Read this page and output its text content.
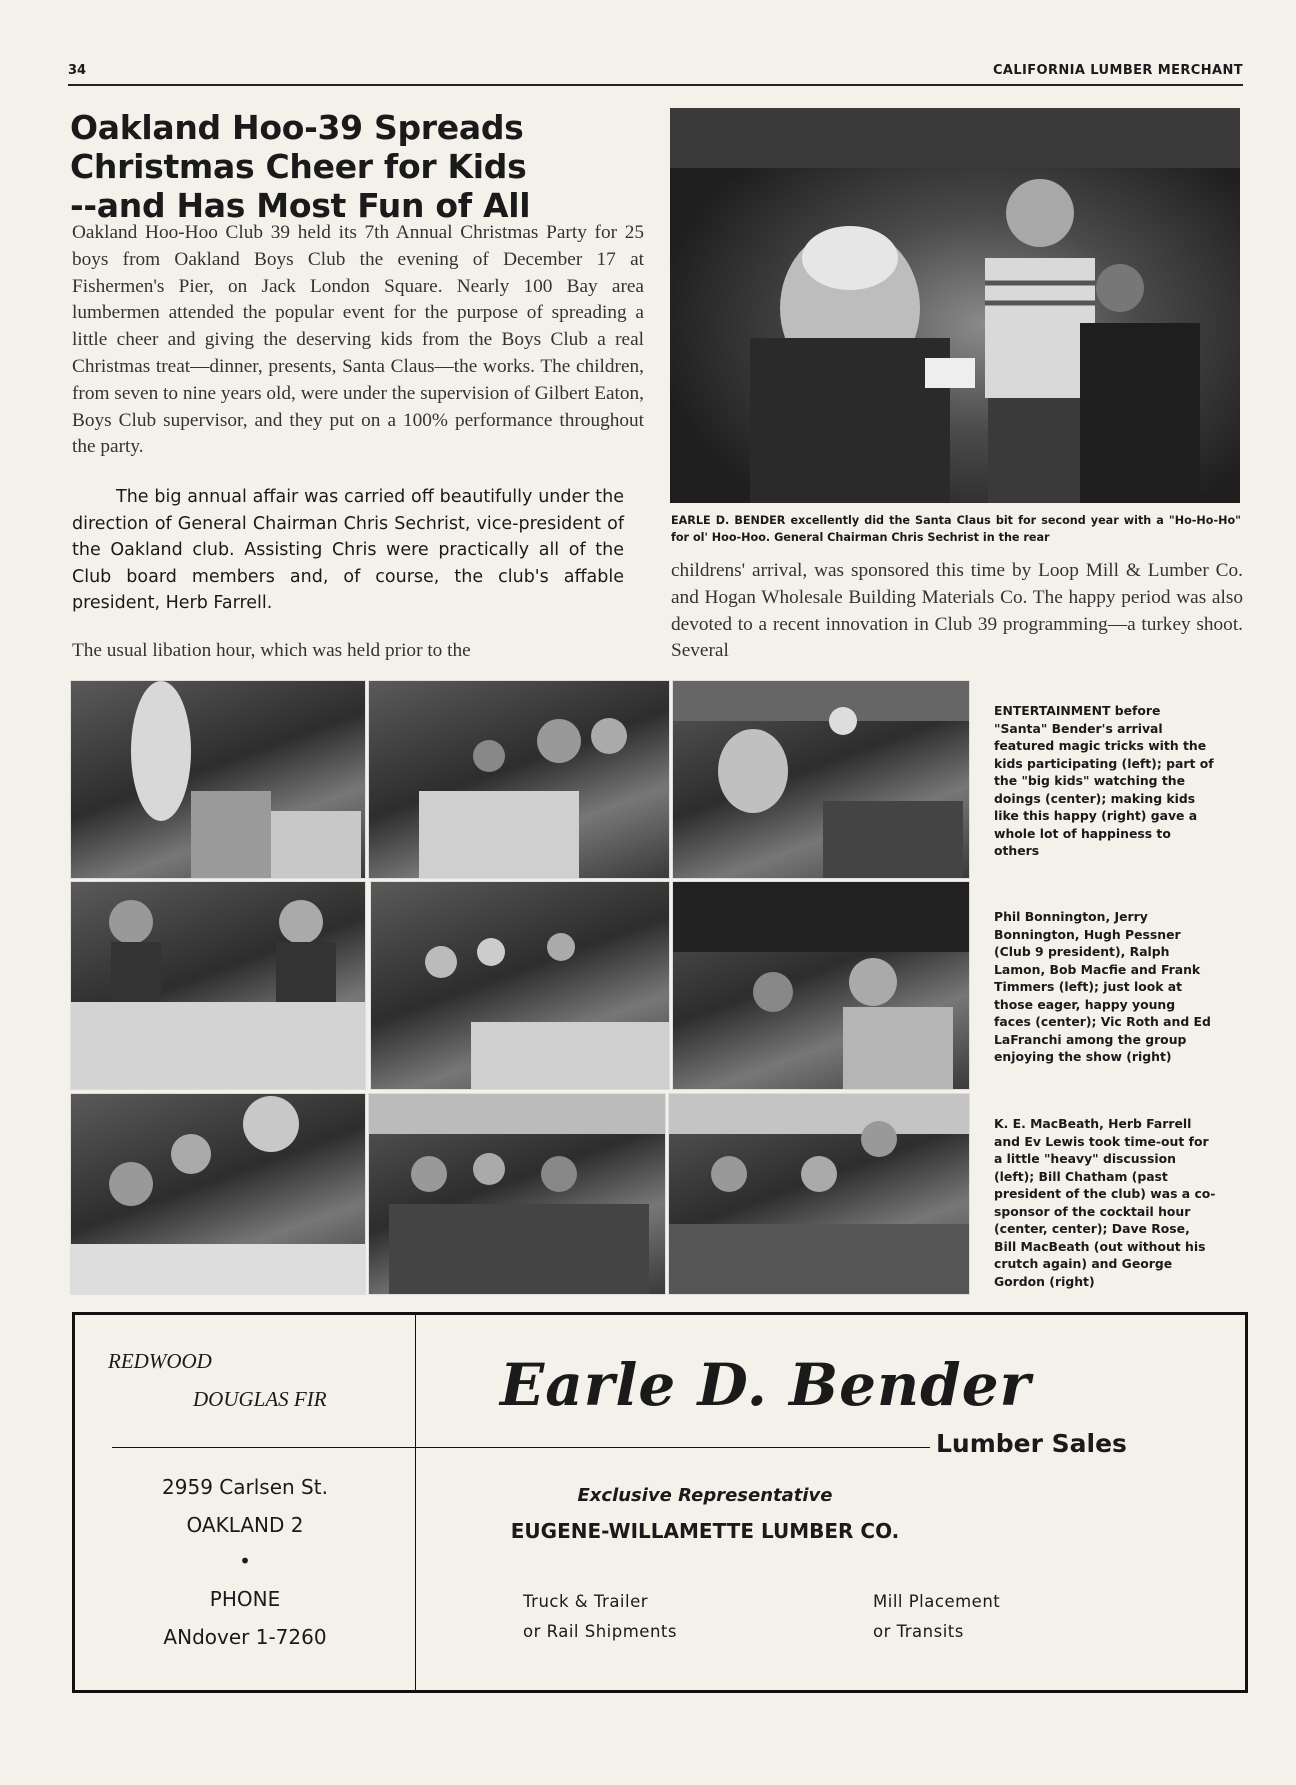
34	CALIFORNIA LUMBER MERCHANT
Oakland Hoo-39 Spreads
Christmas Cheer for Kids
--and Has Most Fun of All
Oakland Hoo-Hoo Club 39 held its 7th Annual Christmas Party for 25 boys from Oakland Boys Club the evening of December 17 at Fishermen's Pier, on Jack London Square. Nearly 100 Bay area lumbermen attended the popular event for the purpose of spreading a little cheer and giving the deserving kids from the Boys Club a real Christmas treat—dinner, presents, Santa Claus—the works. The children, from seven to nine years old, were under the supervision of Gilbert Eaton, Boys Club supervisor, and they put on a 100% performance throughout the party.
The big annual affair was carried off beautifully under the direction of General Chairman Chris Sechrist, vice-president of the Oakland club. Assisting Chris were practically all of the Club board members and, of course, the club's affable president, Herb Farrell.
The usual libation hour, which was held prior to the
childrens' arrival, was sponsored this time by Loop Mill & Lumber Co. and Hogan Wholesale Building Materials Co. The happy period was also devoted to a recent innovation in Club 39 programming—a turkey shoot. Several
EARLE D. BENDER excellently did the Santa Claus bit for second year with a "Ho-Ho-Ho" for ol' Hoo-Hoo. General Chairman Chris Sechrist in the rear
ENTERTAINMENT before "Santa" Bender's arrival featured magic tricks with the kids participating (left); part of the "big kids" watching the doings (center); making kids like this happy (right) gave a whole lot of happiness to others
Phil Bonnington, Jerry Bonnington, Hugh Pessner (Club 9 president), Ralph Lamon, Bob Macfie and Frank Timmers (left); just look at those eager, happy young faces (center); Vic Roth and Ed LaFranchi among the group enjoying the show (right)
K. E. MacBeath, Herb Farrell and Ev Lewis took time-out for a little "heavy" discussion (left); Bill Chatham (past president of the club) was a co-sponsor of the cocktail hour (center, center); Dave Rose, Bill MacBeath (out without his crutch again) and George Gordon (right)
REDWOOD
DOUGLAS FIR
2959 Carlsen St.
OAKLAND 2
•
PHONE
ANdover 1-7260
Earle D. Bender
Lumber Sales
Exclusive Representative
EUGENE-WILLAMETTE LUMBER CO.
Truck & Trailer
or Rail Shipments
Mill Placement
or Transits
